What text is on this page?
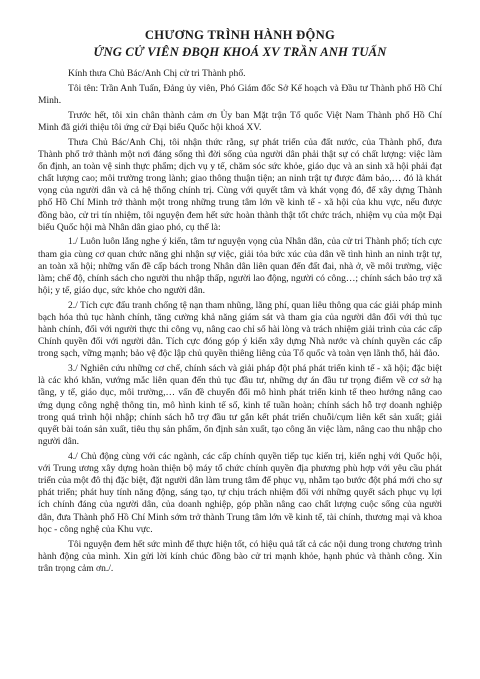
CHƯƠNG TRÌNH HÀNH ĐỘNG
ỨNG CỬ VIÊN ĐBQH KHOÁ XV TRẦN ANH TUẤN

Kính thưa Chủ Bác/Anh Chị cử tri Thành phố.

Tôi tên: Trần Anh Tuấn, Đảng ủy viên, Phó Giám đốc Sở Kế hoạch và Đầu tư Thành phố Hồ Chí Minh.

Trước hết, tôi xin chân thành cảm ơn Ủy ban Mặt trận Tổ quốc Việt Nam Thành phố Hồ Chí Minh đã giới thiệu tôi ứng cử Đại biểu Quốc hội khoá XV.

Thưa Chủ Bác/Anh Chị, tôi nhận thức rằng, sự phát triển của đất nước, của Thành phố, đưa Thành phố trở thành một nơi đáng sống thì đời sống của người dân phải thật sự có chất lượng: việc làm ổn định, an toàn vệ sinh thực phẩm; dịch vụ y tế, chăm sóc sức khỏe, giáo dục và an sinh xã hội phải đạt chất lượng cao; môi trường trong lành; giao thông thuận tiện; an ninh trật tự được đảm bảo,… đó là khát vọng của người dân và cả hệ thống chính trị. Cùng với quyết tâm và khát vọng đó, để xây dựng Thành phố Hồ Chí Minh trở thành một trong những trung tâm lớn về kinh tế - xã hội của khu vực, nếu được đồng bào, cử tri tín nhiệm, tôi nguyện đem hết sức hoàn thành thật tốt chức trách, nhiệm vụ của một Đại biểu Quốc hội mà Nhân dân giao phó, cụ thể là:

1./ Luôn luôn lắng nghe ý kiến, tâm tư nguyện vọng của Nhân dân, của cử tri Thành phố; tích cực tham gia cùng cơ quan chức năng ghi nhận sự việc, giải tỏa bức xúc của dân về tình hình an ninh trật tự, an toàn xã hội; những vấn đề cấp bách trong Nhân dân liên quan đến đất đai, nhà ở, về môi trường, việc làm; chế độ, chính sách cho người thu nhập thấp, người lao động, người có công…; chính sách bảo trợ xã hội; y tế, giáo dục, sức khỏe cho người dân.

2./ Tích cực đấu tranh chống tệ nạn tham nhũng, lãng phí, quan liêu thông qua các giải pháp minh bạch hóa thủ tục hành chính, tăng cường khả năng giám sát và tham gia của người dân đối với thủ tục hành chính, đối với người thực thi công vụ, nâng cao chỉ số hài lòng và trách nhiệm giải trình của các cấp Chính quyền đối với người dân. Tích cực đóng góp ý kiến xây dựng Nhà nước và chính quyền các cấp trong sạch, vững mạnh; bảo vệ độc lập chủ quyền thiêng liêng của Tổ quốc và toàn vẹn lãnh thổ, hải đảo.

3./ Nghiên cứu những cơ chế, chính sách và giải pháp đột phá phát triển kinh tế - xã hội; đặc biệt là các khó khăn, vướng mắc liên quan đến thủ tục đầu tư, những dự án đầu tư trọng điểm về cơ sở hạ tầng, y tế, giáo dục, môi trường,… vấn đề chuyển đổi mô hình phát triển kinh tế theo hướng nâng cao ứng dụng công nghệ thông tin, mô hình kinh tế số, kinh tế tuần hoàn; chính sách hỗ trợ doanh nghiệp trong quá trình hội nhập; chính sách hỗ trợ đầu tư gắn kết phát triển chuỗi/cụm liên kết sản xuất; giải quyết bài toán sản xuất, tiêu thụ sản phẩm, ổn định sản xuất, tạo công ăn việc làm, nâng cao thu nhập cho người dân.

4./ Chủ động cùng với các ngành, các cấp chính quyền tiếp tục kiến trị, kiến nghị với Quốc hội, với Trung ương xây dựng hoàn thiện bộ máy tổ chức chính quyền địa phương phù hợp với yêu cầu phát triển của một đô thị đặc biệt, đặt người dân làm trung tâm để phục vụ, nhằm tạo bước đột phá mới cho sự phát triển; phát huy tính năng động, sáng tạo, tự chịu trách nhiệm đối với những quyết sách phục vụ lợi ích chính đáng của người dân, của doanh nghiệp, góp phần nâng cao chất lượng cuộc sống của người dân, đưa Thành phố Hồ Chí Minh sớm trở thành Trung tâm lớn về kinh tế, tài chính, thương mại và khoa học - công nghệ của Khu vực.

Tôi nguyện đem hết sức mình để thực hiện tốt, có hiệu quả tất cả các nội dung trong chương trình hành động của mình. Xin gửi lời kính chúc đồng bào cử tri mạnh khỏe, hạnh phúc và thành công. Xin trân trọng cảm ơn./.
